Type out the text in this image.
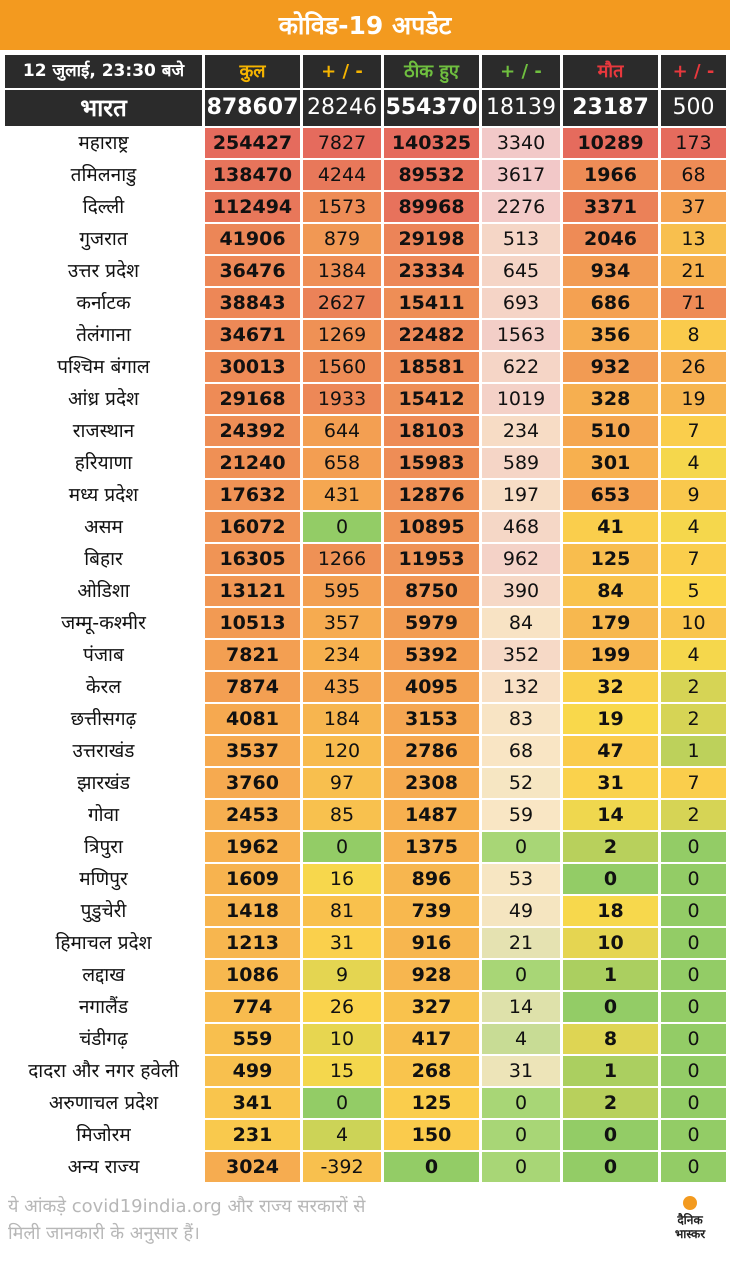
कोविड-19 अपडेट
12 जुलाई, 23:30 बजे	कुल	+ / -	ठीक हुए	+ / -	मौत	+ / -
भारत	878607	28246	554370	18139	23187	500
महाराष्ट्र	254427	7827	140325	3340	10289	173
तमिलनाडु	138470	4244	89532	3617	1966	68
दिल्ली	112494	1573	89968	2276	3371	37
गुजरात	41906	879	29198	513	2046	13
उत्तर प्रदेश	36476	1384	23334	645	934	21
कर्नाटक	38843	2627	15411	693	686	71
तेलंगाना	34671	1269	22482	1563	356	8
पश्चिम बंगाल	30013	1560	18581	622	932	26
आंध्र प्रदेश	29168	1933	15412	1019	328	19
राजस्थान	24392	644	18103	234	510	7
हरियाणा	21240	658	15983	589	301	4
मध्य प्रदेश	17632	431	12876	197	653	9
असम	16072	0	10895	468	41	4
बिहार	16305	1266	11953	962	125	7
ओडिशा	13121	595	8750	390	84	5
जम्मू-कश्मीर	10513	357	5979	84	179	10
पंजाब	7821	234	5392	352	199	4
केरल	7874	435	4095	132	32	2
छत्तीसगढ़	4081	184	3153	83	19	2
उत्तराखंड	3537	120	2786	68	47	1
झारखंड	3760	97	2308	52	31	7
गोवा	2453	85	1487	59	14	2
त्रिपुरा	1962	0	1375	0	2	0
मणिपुर	1609	16	896	53	0	0
पुडुचेरी	1418	81	739	49	18	0
हिमाचल प्रदेश	1213	31	916	21	10	0
लद्दाख	1086	9	928	0	1	0
नगालैंड	774	26	327	14	0	0
चंडीगढ़	559	10	417	4	8	0
दादरा और नगर हवेली	499	15	268	31	1	0
अरुणाचल प्रदेश	341	0	125	0	2	0
मिजोरम	231	4	150	0	0	0
अन्य राज्य	3024	-392	0	0	0	0
ये आंकड़े covid19india.org और राज्य सरकारों से
मिली जानकारी के अनुसार हैं।
दैनिक
भास्कर
